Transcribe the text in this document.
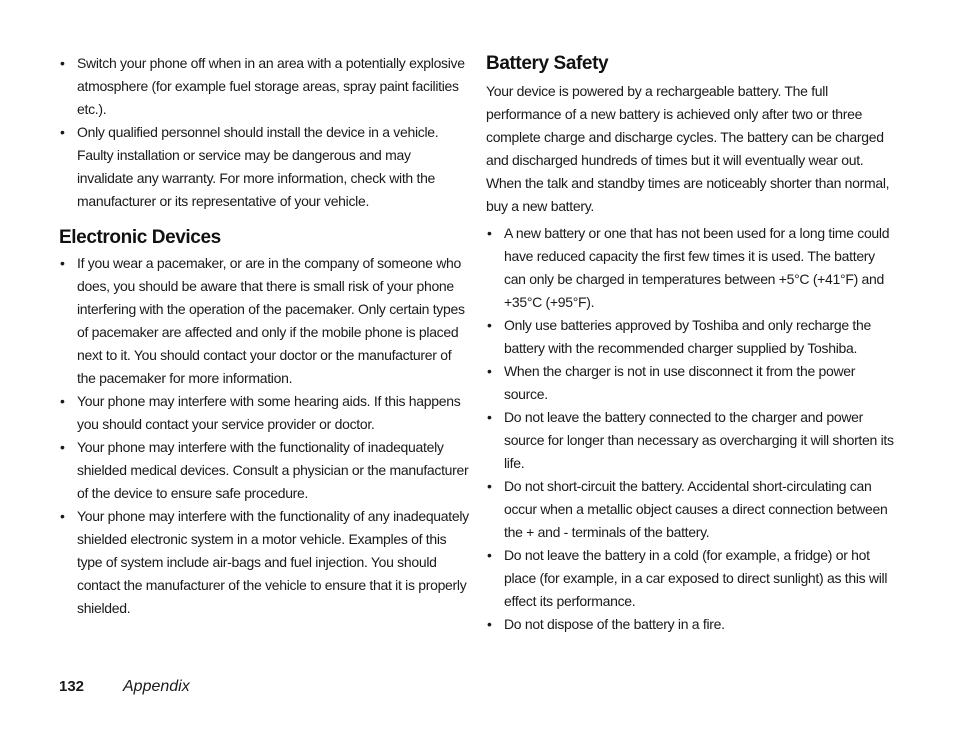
• Switch your phone off when in an area with a potentially explosive atmosphere (for example fuel storage areas, spray paint facilities etc.).
• Only qualified personnel should install the device in a vehicle. Faulty installation or service may be dangerous and may invalidate any warranty. For more information, check with the manufacturer or its representative of your vehicle.
Electronic Devices
• If you wear a pacemaker, or are in the company of someone who does, you should be aware that there is small risk of your phone interfering with the operation of the pacemaker. Only certain types of pacemaker are affected and only if the mobile phone is placed next to it. You should contact your doctor or the manufacturer of the pacemaker for more information.
• Your phone may interfere with some hearing aids. If this happens you should contact your service provider or doctor.
• Your phone may interfere with the functionality of inadequately shielded medical devices. Consult a physician or the manufacturer of the device to ensure safe procedure.
• Your phone may interfere with the functionality of any inadequately shielded electronic system in a motor vehicle. Examples of this type of system include air-bags and fuel injection. You should contact the manufacturer of the vehicle to ensure that it is properly shielded.
Battery Safety

Your device is powered by a rechargeable battery. The full performance of a new battery is achieved only after two or three complete charge and discharge cycles. The battery can be charged and discharged hundreds of times but it will eventually wear out. When the talk and standby times are noticeably shorter than normal, buy a new battery.

• A new battery or one that has not been used for a long time could have reduced capacity the first few times it is used. The battery can only be charged in temperatures between +5°C (+41°F) and +35°C (+95°F).
• Only use batteries approved by Toshiba and only recharge the battery with the recommended charger supplied by Toshiba.
• When the charger is not in use disconnect it from the power source.
• Do not leave the battery connected to the charger and power source for longer than necessary as overcharging it will shorten its life.
• Do not short-circuit the battery. Accidental short-circulating can occur when a metallic object causes a direct connection between the + and - terminals of the battery.
• Do not leave the battery in a cold (for example, a fridge) or hot place (for example, in a car exposed to direct sunlight) as this will effect its performance.
• Do not dispose of the battery in a fire.
132 Appendix
